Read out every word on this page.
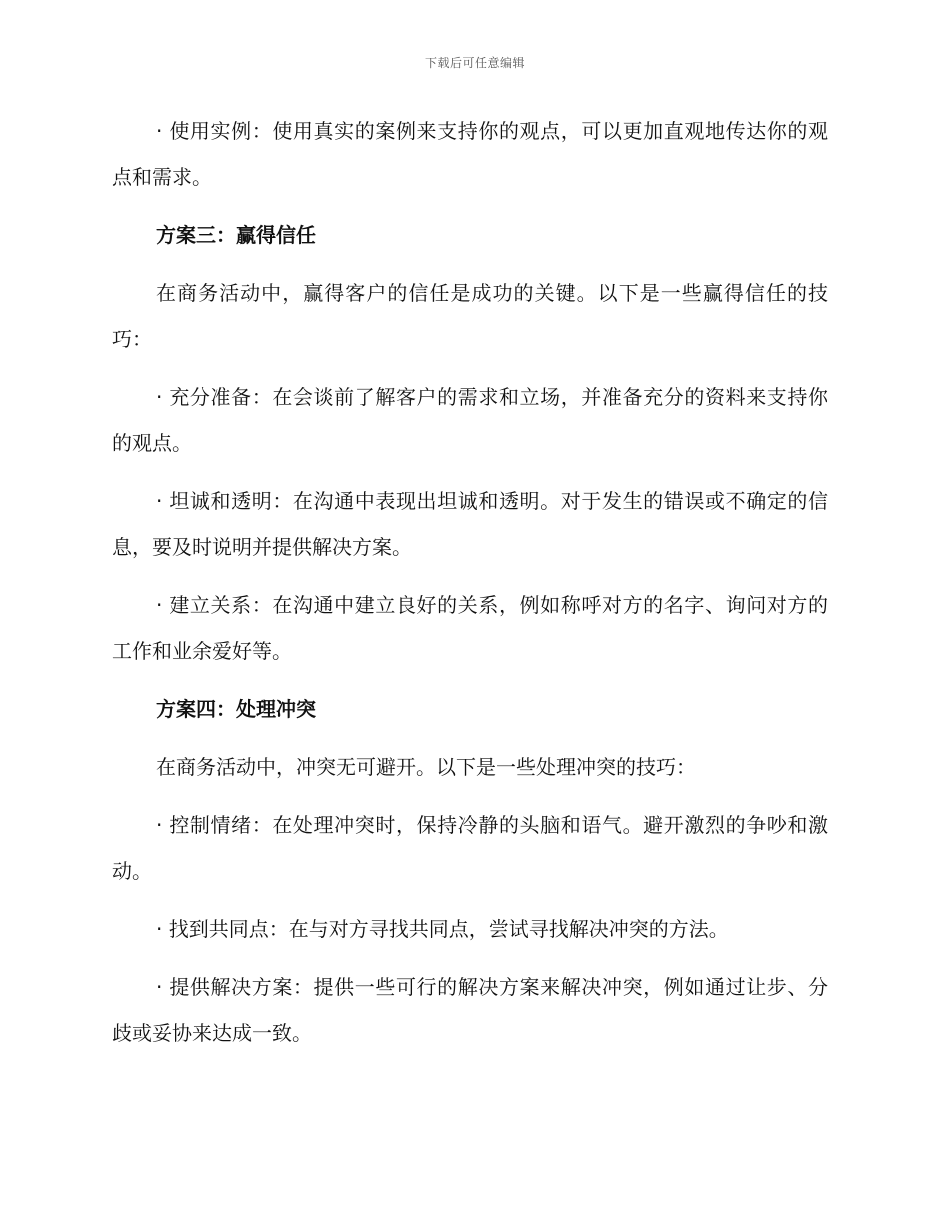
下载后可任意编辑

· 使用实例：使用真实的案例来支持你的观点，可以更加直观地传达你的观点和需求。

方案三：赢得信任

在商务活动中，赢得客户的信任是成功的关键。以下是一些赢得信任的技巧：

· 充分准备：在会谈前了解客户的需求和立场，并准备充分的资料来支持你的观点。

· 坦诚和透明：在沟通中表现出坦诚和透明。对于发生的错误或不确定的信息，要及时说明并提供解决方案。

· 建立关系：在沟通中建立良好的关系，例如称呼对方的名字、询问对方的工作和业余爱好等。

方案四：处理冲突

在商务活动中，冲突无可避开。以下是一些处理冲突的技巧：

· 控制情绪：在处理冲突时，保持冷静的头脑和语气。避开激烈的争吵和激动。

· 找到共同点：在与对方寻找共同点，尝试寻找解决冲突的方法。

· 提供解决方案：提供一些可行的解决方案来解决冲突，例如通过让步、分歧或妥协来达成一致。
